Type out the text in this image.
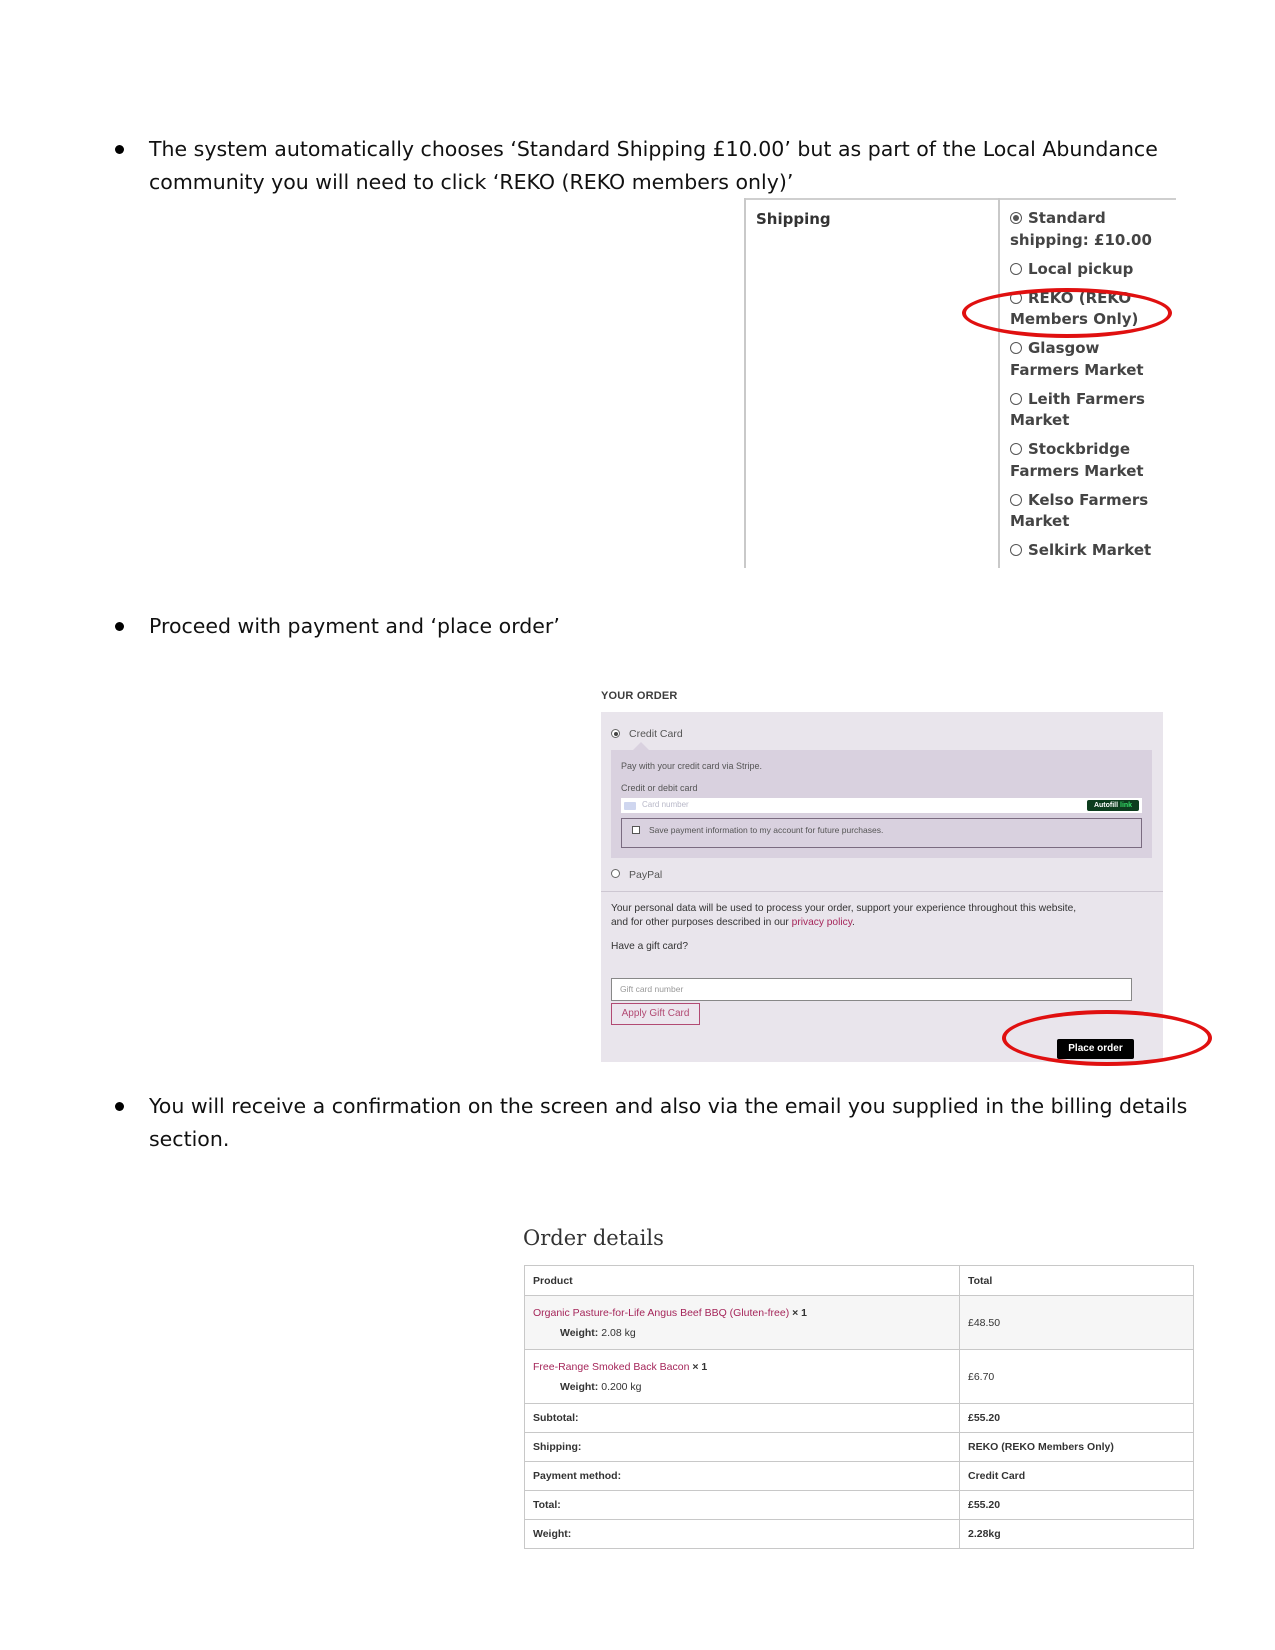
The system automatically chooses ‘Standard Shipping £10.00’ but as part of the Local Abundance
community you will need to click ‘REKO (REKO members only)’
Shipping	Standard shipping: £10.00
Local pickup
REKO (REKO Members Only)
Glasgow Farmers Market
Leith Farmers Market
Stockbridge Farmers Market
Kelso Farmers Market
Selkirk Market
Proceed with payment and ‘place order’
YOUR ORDER
Credit Card
Pay with your credit card via Stripe.
Credit or debit card
Card number	Autofill link
Save payment information to my account for future purchases.
PayPal
Your personal data will be used to process your order, support your experience throughout this website,
and for other purposes described in our privacy policy.
Have a gift card?
Gift card number
Apply Gift Card
Place order
You will receive a confirmation on the screen and also via the email you supplied in the billing details
section.
Order details
Product	Total

Organic Pasture-for-Life Angus Beef BBQ (Gluten-free) × 1
Weight: 2.08 kg	£48.50

Free-Range Smoked Back Bacon × 1
Weight: 0.200 kg	£6.70
Subtotal:	£55.20
Shipping:	REKO (REKO Members Only)
Payment method:	Credit Card
Total:	£55.20
Weight:	2.28kg
